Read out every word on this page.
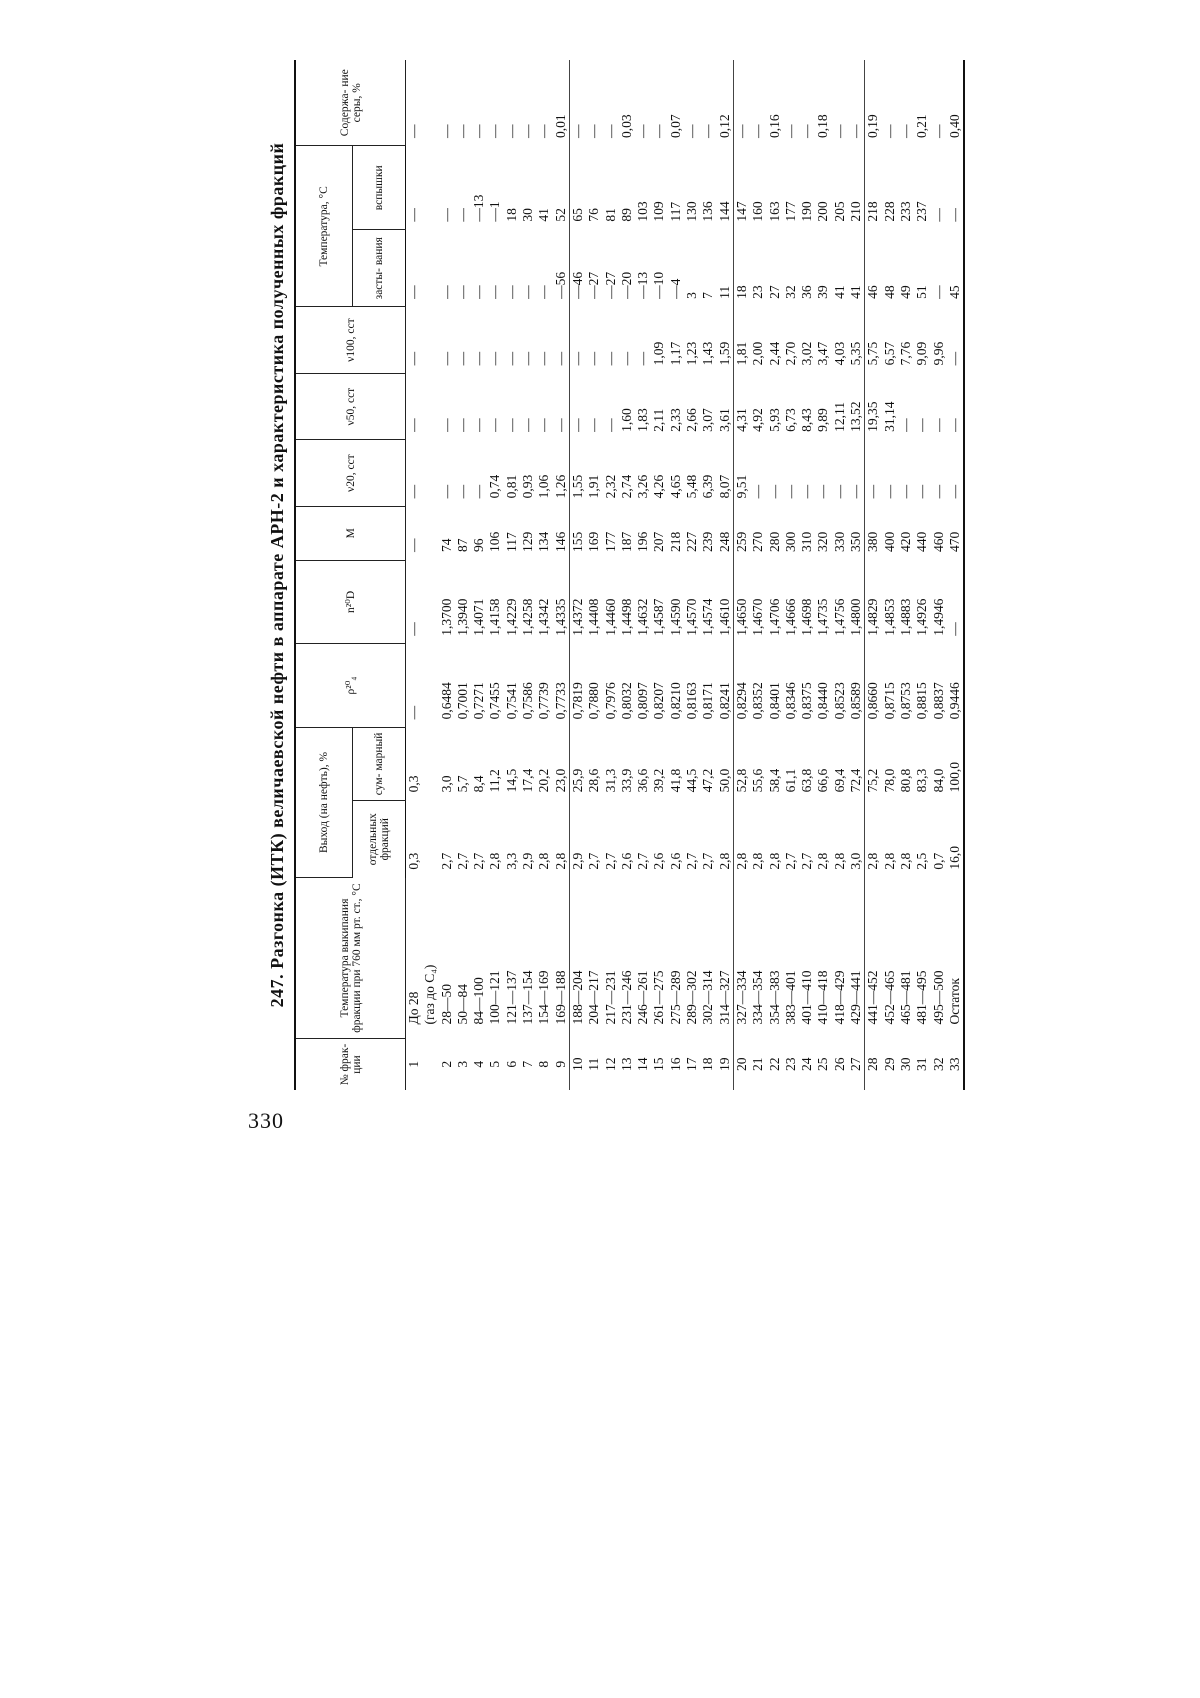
330
247. Разгонка (ИТК) величаевской нефти в аппарате АРН-2 и характеристика полученных фракций
№ фрак- ции	Температура выкипания фракции при 760 мм рт. ст., °C	Выход (на нефть), %		ρ²⁰₄	n²⁰D	M	ν20, сст	ν50, сст	ν100, сст	Температура, °C		Содержа- ние серы, %
		отдельных фракций	сум- марный							засты- вания	вспышки	
1	До 28	0,3	0,3	—	—	—	—	—	—	—	—	—
	(газ до C₄)											
2	28—50	2,7	3,0	0,6484	1,3700	74	—	—	—	—	—	—
3	50—84	2,7	5,7	0,7001	1,3940	87	—	—	—	—	—	—
4	84—100	2,7	8,4	0,7271	1,4071	96	—	—	—	—	—13	—
5	100—121	2,8	11,2	0,7455	1,4158	106	0,74	—	—	—	—1	—
6	121—137	3,3	14,5	0,7541	1,4229	117	0,81	—	—	—	18	—
7	137—154	2,9	17,4	0,7586	1,4258	129	0,93	—	—	—	30	—
8	154—169	2,8	20,2	0,7739	1,4342	134	1,06	—	—	—	41	—
9	169—188	2,8	23,0	0,7733	1,4335	146	1,26	—	—	—56	52	0,01
10	188—204	2,9	25,9	0,7819	1,4372	155	1,55	—	—	—46	65	—
11	204—217	2,7	28,6	0,7880	1,4408	169	1,91	—	—	—27	76	—
12	217—231	2,7	31,3	0,7976	1,4460	177	2,32	—	—	—27	81	—
13	231—246	2,6	33,9	0,8032	1,4498	187	2,74	1,60	—	—20	89	0,03
14	246—261	2,7	36,6	0,8097	1,4632	196	3,26	1,83	—	—13	103	—
15	261—275	2,6	39,2	0,8207	1,4587	207	4,26	2,11	1,09	—10	109	—
16	275—289	2,6	41,8	0,8210	1,4590	218	4,65	2,33	1,17	—4	117	0,07
17	289—302	2,7	44,5	0,8163	1,4570	227	5,48	2,66	1,23	3	130	—
18	302—314	2,7	47,2	0,8171	1,4574	239	6,39	3,07	1,43	7	136	—
19	314—327	2,8	50,0	0,8241	1,4610	248	8,07	3,61	1,59	11	144	0,12
20	327—334	2,8	52,8	0,8294	1,4650	259	9,51	4,31	1,81	18	147	—
21	334—354	2,8	55,6	0,8352	1,4670	270	—	4,92	2,00	23	160	—
22	354—383	2,8	58,4	0,8401	1,4706	280	—	5,93	2,44	27	163	0,16
23	383—401	2,7	61,1	0,8346	1,4666	300	—	6,73	2,70	32	177	—
24	401—410	2,7	63,8	0,8375	1,4698	310	—	8,43	3,02	36	190	—
25	410—418	2,8	66,6	0,8440	1,4735	320	—	9,89	3,47	39	200	0,18
26	418—429	2,8	69,4	0,8523	1,4756	330	—	12,11	4,03	41	205	—
27	429—441	3,0	72,4	0,8589	1,4800	350	—	13,52	5,35	41	210	—
28	441—452	2,8	75,2	0,8660	1,4829	380	—	19,35	5,75	46	218	0,19
29	452—465	2,8	78,0	0,8715	1,4853	400	—	31,14	6,57	48	228	—
30	465—481	2,8	80,8	0,8753	1,4883	420	—	—	7,76	49	233	—
31	481—495	2,5	83,3	0,8815	1,4926	440	—	—	9,09	51	237	0,21
32	495—500	0,7	84,0	0,8837	1,4946	460	—	—	9,96	—	—	—
33	Остаток	16,0	100,0	0,9446	—	470	—	—	—	45	—	0,40
